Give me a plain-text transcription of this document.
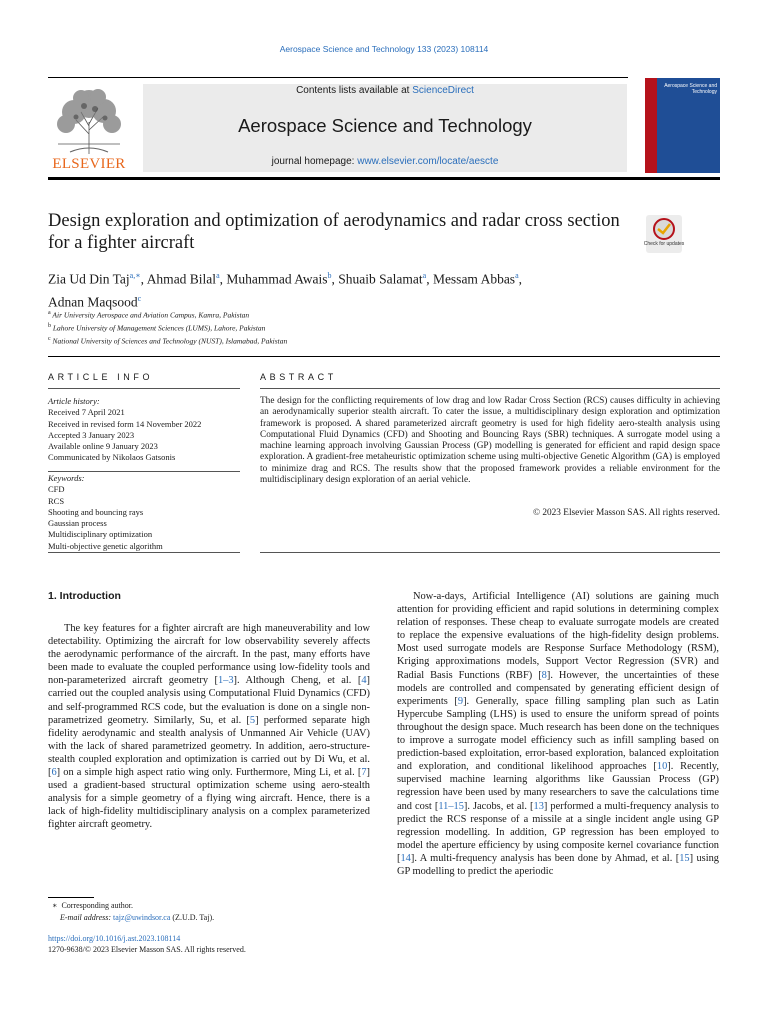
Aerospace Science and Technology 133 (2023) 108114
ELSEVIER
Contents lists available at ScienceDirect
Aerospace Science and Technology
journal homepage: www.elsevier.com/locate/aescte
Aerospace Science and Technology
Design exploration and optimization of aerodynamics and radar cross section for a fighter aircraft	Check for updates
Zia Ud Din Taj$^{a,∗}$, Ahmad Bilal$^a$, Muhammad Awais$^b$, Shuaib Salamat$^a$, Messam Abbas$^a$,
Adnan Maqsood$^c$
$^a$ Air University Aerospace and Aviation Campus, Kamra, Pakistan
$^b$ Lahore University of Management Sciences (LUMS), Lahore, Pakistan
$^c$ National University of Sciences and Technology (NUST), Islamabad, Pakistan
ARTICLE INFO	ABSTRACT
Article history:
Received 7 April 2021
Received in revised form 14 November 2022
Accepted 3 January 2023
Available online 9 January 2023
Communicated by Nikolaos Gatsonis
Keywords:
CFD
RCS
Shooting and bouncing rays
Gaussian process
Multidisciplinary optimization
Multi-objective genetic algorithm
The design for the conflicting requirements of low drag and low Radar Cross Section (RCS) causes difficulty in achieving an aerodynamically superior stealth aircraft. To cater the issue, a multidisciplinary design exploration and optimization framework is proposed. A shared parameterized aircraft geometry is used for high fidelity aero-stealth analysis using Computational Fluid Dynamics (CFD) and Shooting and Bouncing Rays (SBR) techniques. A surrogate model using a machine learning approach involving Gaussian Process (GP) modelling is generated for efficient and rapid design space exploration. A gradient-free metaheuristic optimization scheme using multi-objective Genetic Algorithm (GA) is employed to minimize drag and RCS. The results show that the proposed framework provides a reliable environment for the multidisciplinary design exploration of an aerial vehicle.
© 2023 Elsevier Masson SAS. All rights reserved.
1. Introduction
The key features for a fighter aircraft are high maneuverability and low detectability. Optimizing the aircraft for low observability severely affects the aerodynamic performance of the aircraft. In the past, many efforts have been made to evaluate the coupled performance using low-fidelity tools and non-parameterized aircraft geometry [1–3]. Although Cheng, et al. [4] carried out the coupled analysis using Computational Fluid Dynamics (CFD) and self-programmed RCS code, but the evaluation is done on a single non-parametrized geometry. Similarly, Su, et al. [5] performed separate high fidelity aerodynamic and stealth analysis of Unmanned Air Vehicle (UAV) with the lack of shared parametrized geometry. In addition, aero-structure-stealth coupled exploration and optimization is carried out by Di Wu, et al. [6] on a simple high aspect ratio wing only. Furthermore, Ming Li, et al. [7] used a gradient-based structural optimization scheme using aero-stealth analysis for a simple geometry of a flying wing aircraft. Hence, there is a lack of high-fidelity multidisciplinary analysis on a complex parameterized fighter aircraft geometry.
Now-a-days, Artificial Intelligence (AI) solutions are gaining much attention for providing efficient and rapid solutions in determining complex relation of responses. These cheap to evaluate surrogate models are created to replace the expensive evaluations of the high-fidelity design problems. Most used surrogate models are Response Surface Methodology (RSM), Kriging approximations models, Support Vector Regression (SVR) and Radial Basis Functions (RBF) [8]. However, the uncertainties of these models are controlled and compensated by generating efficient design of experiments [9]. Generally, space filling sampling plan such as Latin Hypercube Sampling (LHS) is used to ensure the uniform spread of points throughout the design space. Much research has been done on the techniques to improve a surrogate model efficiency such as infill sampling based on prediction-based exploitation, error-based exploration, balanced exploitation and exploration, and conditional likelihood approaches [10]. Recently, supervised machine learning algorithms like Gaussian Process (GP) regression have been used by many researchers to save the calculations time and cost [11–15]. Jacobs, et al. [13] performed a multi-frequency analysis to predict the RCS response of a missile at a single incident angle using GP regression modelling. In addition, GP regression has been employed to model the aperture efficiency by using composite kernel covariance function [14]. A multi-frequency analysis has been done by Ahmad, et al. [15] using GP modelling to predict the aperiodic
∗ Corresponding author.
E-mail address: tajz@uwindsor.ca (Z.U.D. Taj).
https://doi.org/10.1016/j.ast.2023.108114
1270-9638/© 2023 Elsevier Masson SAS. All rights reserved.
